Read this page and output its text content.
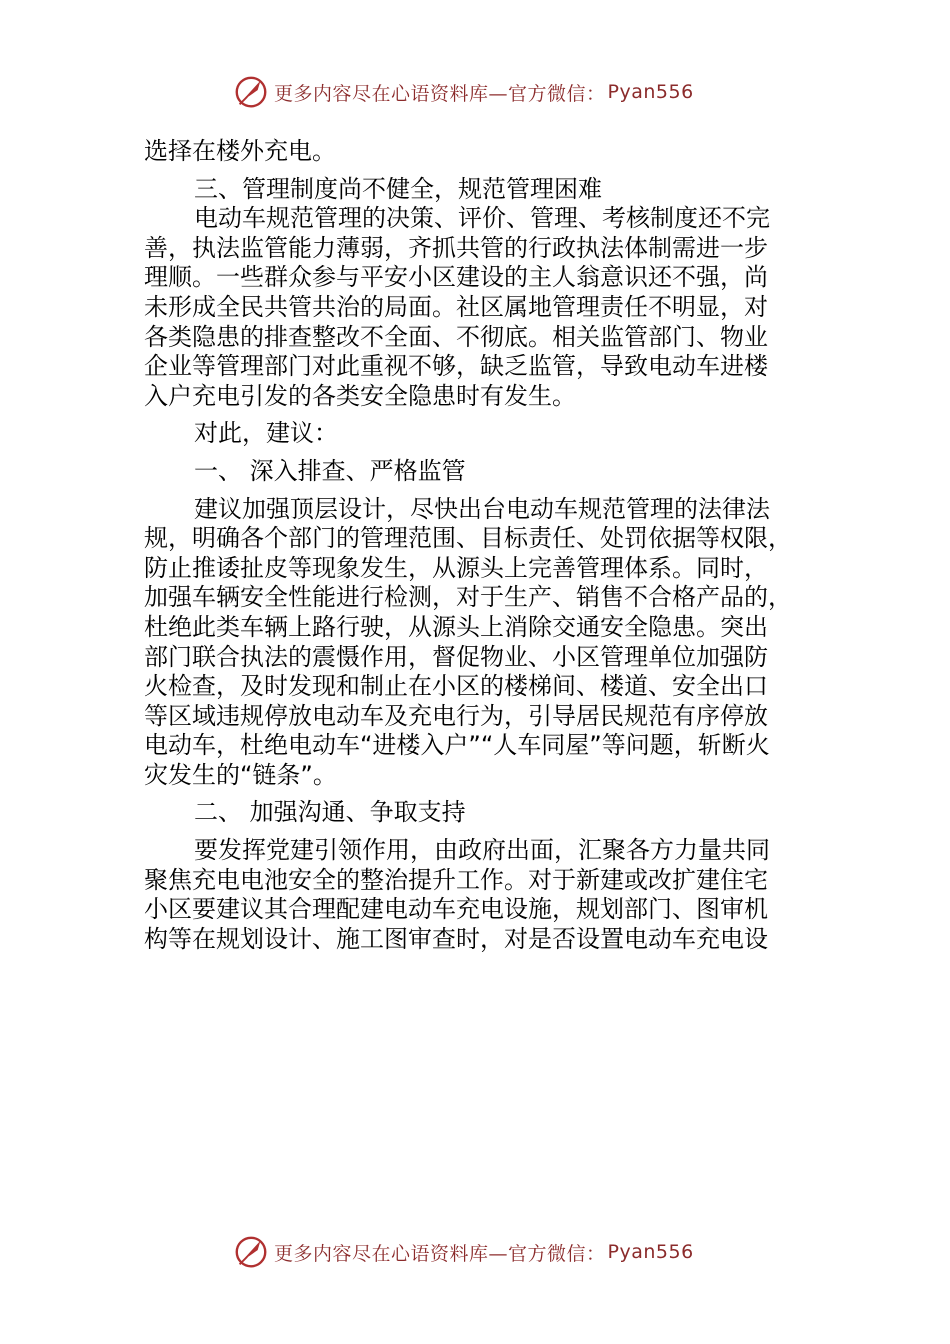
更多内容尽在心语资料库—官方微信： Pyan556
选择在楼外充电。
三、管理制度尚不健全，规范管理困难
电动车规范管理的决策、评价、管理、考核制度还不完
善，执法监管能力薄弱，齐抓共管的行政执法体制需进一步
理顺。一些群众参与平安小区建设的主人翁意识还不强，尚
未形成全民共管共治的局面。社区属地管理责任不明显，对
各类隐患的排查整改不全面、不彻底。相关监管部门、物业
企业等管理部门对此重视不够，缺乏监管，导致电动车进楼
入户充电引发的各类安全隐患时有发生。
对此，建议：
一、 深入排查、严格监管
建议加强顶层设计，尽快出台电动车规范管理的法律法
规，明确各个部门的管理范围、目标责任、处罚依据等权限，
防止推诿扯皮等现象发生，从源头上完善管理体系。同时，
加强车辆安全性能进行检测，对于生产、销售不合格产品的，
杜绝此类车辆上路行驶，从源头上消除交通安全隐患。突出
部门联合执法的震慑作用，督促物业、小区管理单位加强防
火检查，及时发现和制止在小区的楼梯间、楼道、安全出口
等区域违规停放电动车及充电行为，引导居民规范有序停放
电动车，杜绝电动车“进楼入户”“人车同屋”等问题，斩断火
灾发生的“链条”。
二、 加强沟通、争取支持
要发挥党建引领作用，由政府出面，汇聚各方力量共同
聚焦充电电池安全的整治提升工作。对于新建或改扩建住宅
小区要建议其合理配建电动车充电设施，规划部门、图审机
构等在规划设计、施工图审查时，对是否设置电动车充电设
更多内容尽在心语资料库—官方微信： Pyan556
